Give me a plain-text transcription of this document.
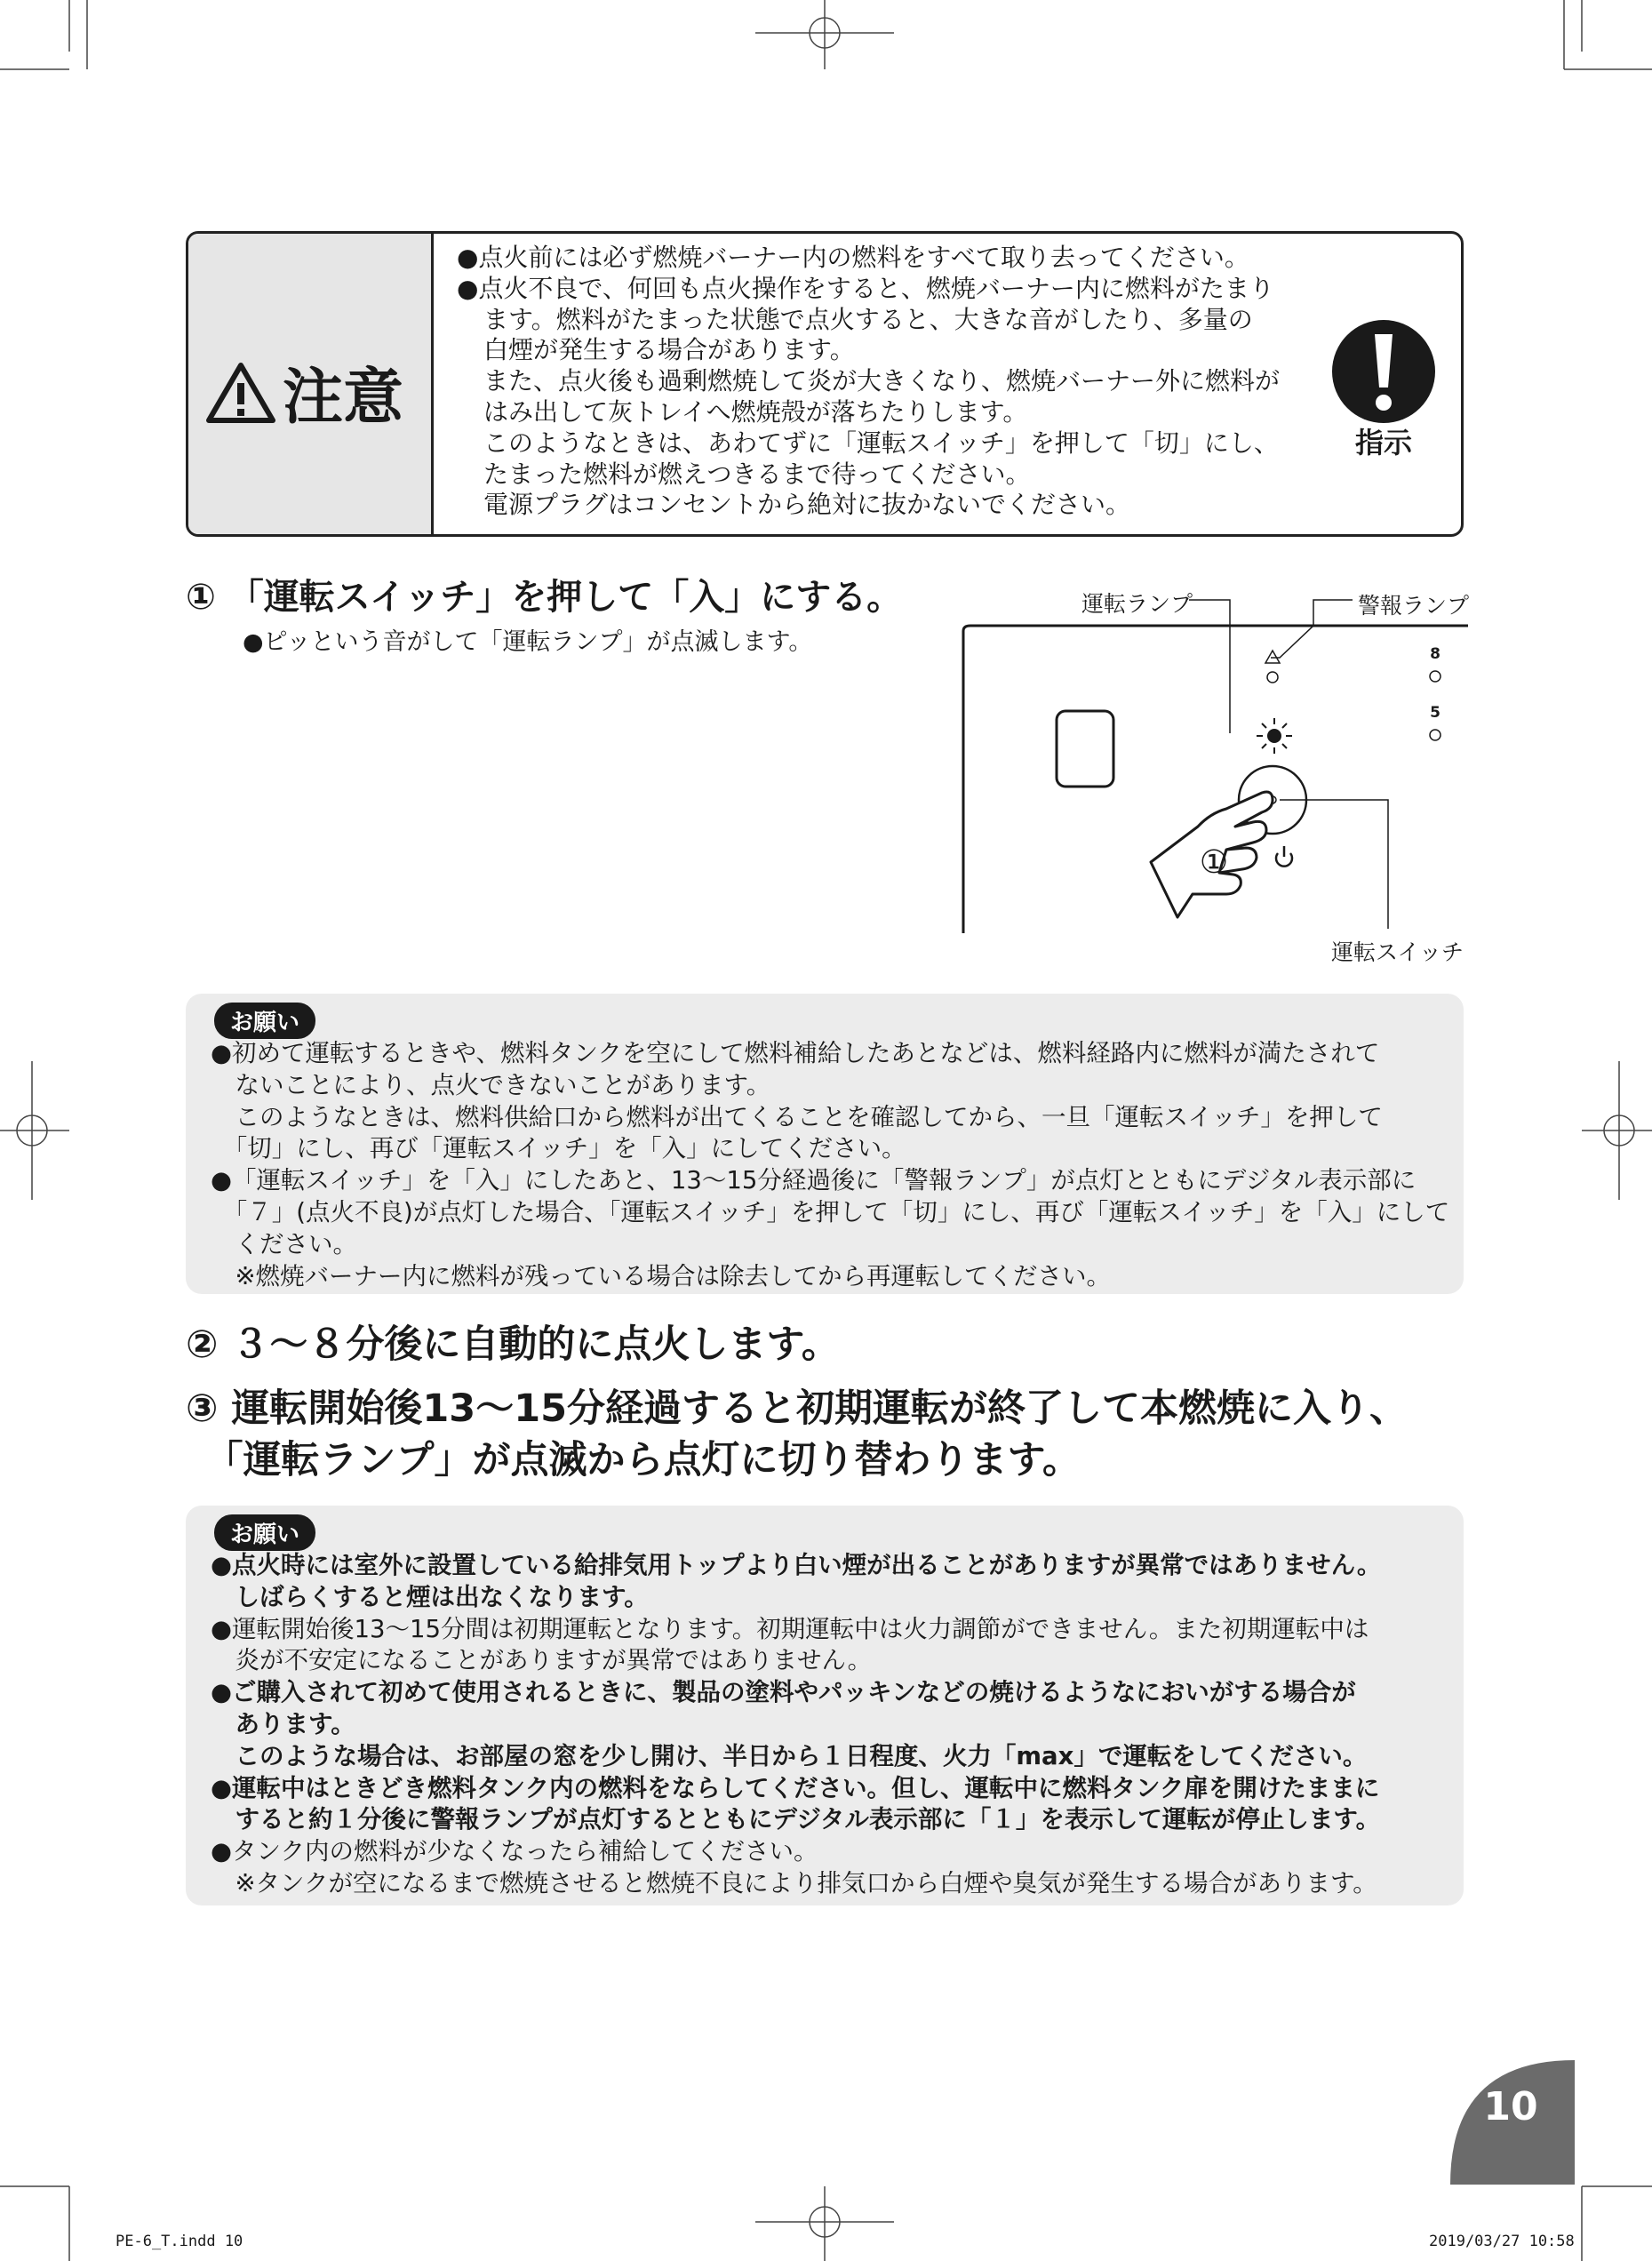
注意

●点火前には必ず燃焼バーナー内の燃料をすべて取り去ってください。

●点火不良で、何回も点火操作をすると、燃焼バーナー内に燃料がたまり

ます。燃料がたまった状態で点火すると、大きな音がしたり、多量の

白煙が発生する場合があります。

また、点火後も過剰燃焼して炎が大きくなり、燃焼バーナー外に燃料が

はみ出して灰トレイへ燃焼殻が落ちたりします。

このようなときは、あわてずに「運転スイッチ」を押して「切」にし、

たまった燃料が燃えつきるまで待ってください。

電源プラグはコンセントから絶対に抜かないでください。

指示
① 「運転スイッチ」を押して「入」にする。
●ピッという音がして「運転ランプ」が点滅します。
運転ランプ	警報ランプ
運転スイッチ
8
5
①
お願い

●初めて運転するときや、燃料タンクを空にして燃料補給したあとなどは、燃料経路内に燃料が満たされて

　ないことにより、点火できないことがあります。

　このようなときは、燃料供給口から燃料が出てくることを確認してから、一旦「運転スイッチ」を押して

　「切」にし、再び「運転スイッチ」を「入」にしてください。

●「運転スイッチ」を「入」にしたあと、13〜15分経過後に「警報ランプ」が点灯とともにデジタル表示部に

　「７」(点火不良)が点灯した場合、「運転スイッチ」を押して「切」にし、再び「運転スイッチ」を「入」にして

　ください。

　※燃焼バーナー内に燃料が残っている場合は除去してから再運転してください。

② ３〜８分後に自動的に点火します。
③ 運転開始後13〜15分経過すると初期運転が終了して本燃焼に入り、
　「運転ランプ」が点滅から点灯に切り替わります。
お願い

●点火時には室外に設置している給排気用トップより白い煙が出ることがありますが異常ではありません。

　しばらくすると煙は出なくなります。

●運転開始後13〜15分間は初期運転となります。初期運転中は火力調節ができません。また初期運転中は

　炎が不安定になることがありますが異常ではありません。

●ご購入されて初めて使用されるときに、製品の塗料やパッキンなどの焼けるようなにおいがする場合が

　あります。

　このような場合は、お部屋の窓を少し開け、半日から１日程度、火力「max」で運転をしてください。

●運転中はときどき燃料タンク内の燃料をならしてください。但し、運転中に燃料タンク扉を開けたままに

　すると約１分後に警報ランプが点灯するとともにデジタル表示部に「１」を表示して運転が停止します。

●タンク内の燃料が少なくなったら補給してください。

　※タンクが空になるまで燃焼させると燃焼不良により排気口から白煙や臭気が発生する場合があります。

10
PE-6_T.indd 10	2019/03/27 10:58
